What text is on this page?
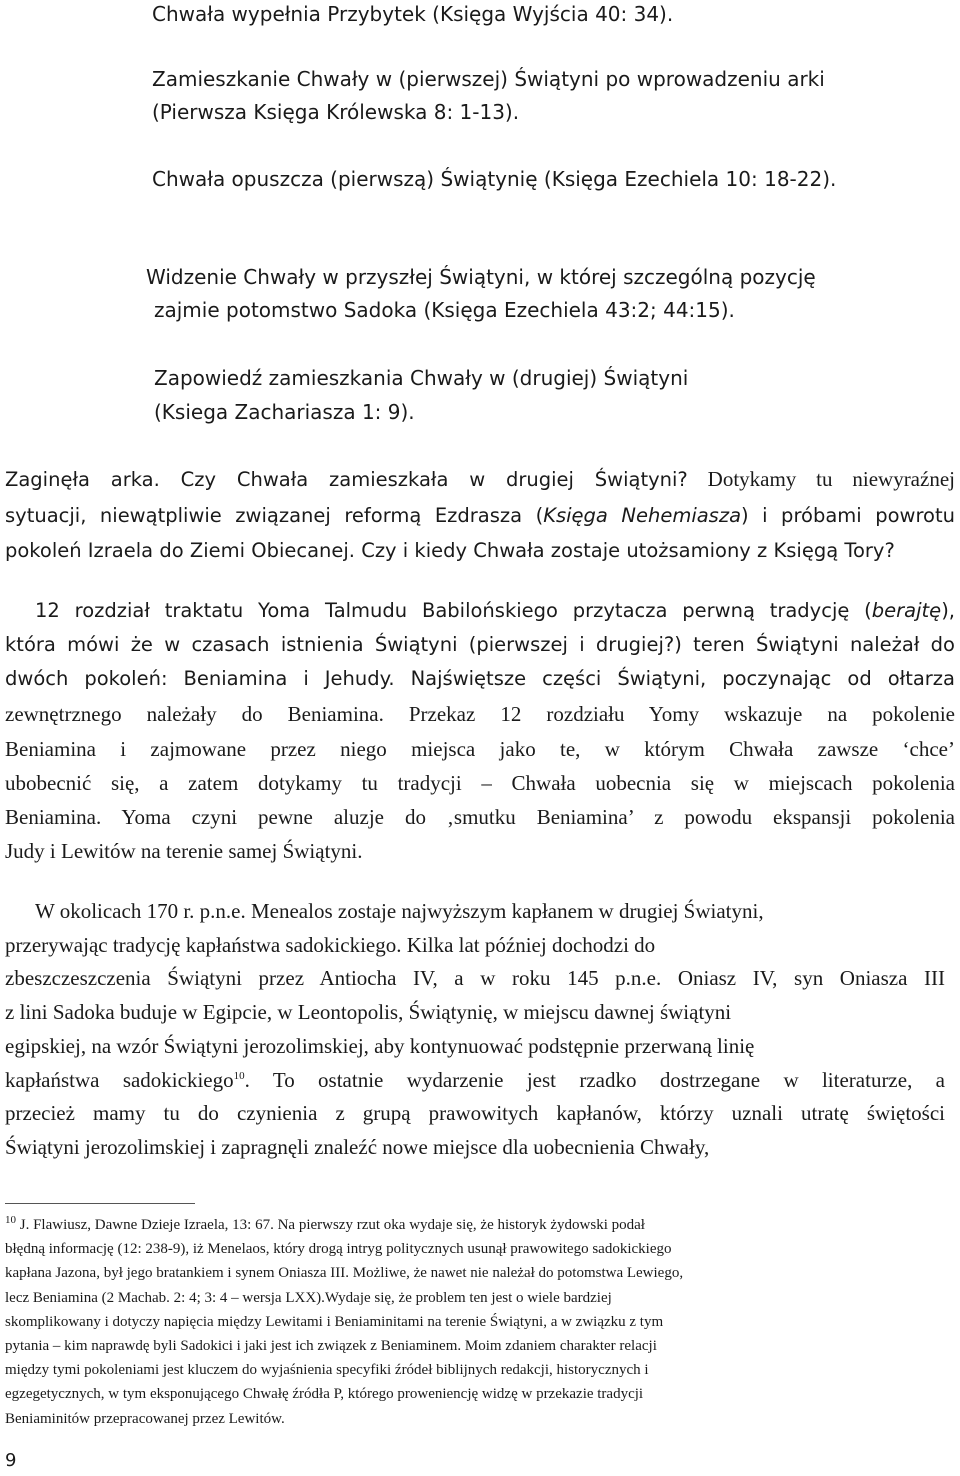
Chwała wypełnia Przybytek (Księga Wyjścia 40: 34).
Zamieszkanie Chwały w (pierwszej) Świątyni po wprowadzeniu arki
(Pierwsza Księga Królewska 8: 1-13).
Chwała opuszcza (pierwszą) Świątynię (Księga Ezechiela 10: 18-22).
Widzenie Chwały w przyszłej Świątyni, w której szczególną pozycję
zajmie potomstwo Sadoka (Księga Ezechiela 43:2; 44:15).
Zapowiedź zamieszkania Chwały w (drugiej) Świątyni
(Ksiega Zachariasza 1: 9).
Zaginęła arka. Czy Chwała zamieszkała w drugiej Świątyni? Dotykamy tu niewyraźnej
sytuacji, niewątpliwie związanej reformą Ezdrasza (Księga Nehemiasza) i próbami powrotu
pokoleń Izraela do Ziemi Obiecanej. Czy i kiedy Chwała zostaje utożsamiony z Księgą Tory?
12 rozdział traktatu Yoma Talmudu Babilońskiego przytacza perwną tradycję (berajtę),
która mówi że w czasach istnienia Świątyni (pierwszej i drugiej?) teren Świątyni należał do
dwóch pokoleń: Beniamina i Jehudy. Najświętsze części Świątyni, poczynając od ołtarza
zewnętrznego należały do Beniamina. Przekaz 12 rozdziału Yomy wskazuje na pokolenie
Beniamina i zajmowane przez niego miejsca jako te, w którym Chwała zawsze ‘chce’
ubobecnić się, a zatem dotykamy tu tradycji – Chwała uobecnia się w miejscach pokolenia
Beniamina. Yoma czyni pewne aluzje do ‚smutku Beniamina’ z powodu ekspansji pokolenia
Judy i Lewitów na terenie samej Świątyni.
W okolicach 170 r. p.n.e. Menealos zostaje najwyższym kapłanem w drugiej Światyni,
przerywając tradycję kapłaństwa sadokickiego. Kilka lat później dochodzi do
zbeszczeszczenia Świątyni przez Antiocha IV, a w roku 145 p.n.e. Oniasz IV, syn Oniasza III
z lini Sadoka buduje w Egipcie, w Leontopolis, Świątynię, w miejscu dawnej świątyni
egipskiej, na wzór Świątyni jerozolimskiej, aby kontynuować podstępnie przerwaną linię
kapłaństwa sadokickiego$^{10}$. To ostatnie wydarzenie jest rzadko dostrzegane w literaturze, a
przecież mamy tu do czynienia z grupą prawowitych kapłanów, którzy uznali utratę świętości
Świątyni jerozolimskiej i zapragnęli znaleźć nowe miejsce dla uobecnienia Chwały,
$^{10}$ J. Flawiusz, Dawne Dzieje Izraela, 13: 67. Na pierwszy rzut oka wydaje się, że historyk żydowski podał
błędną informację (12: 238-9), iż Menelaos, który drogą intryg politycznych usunął prawowitego sadokickiego
kapłana Jazona, był jego bratankiem i synem Oniasza III. Możliwe, że nawet nie należał do potomstwa Lewiego,
lecz Beniamina (2 Machab. 2: 4; 3: 4 – wersja LXX).Wydaje się, że problem ten jest o wiele bardziej
skomplikowany i dotyczy napięcia między Lewitami i Beniaminitami na terenie Świątyni, a w związku z tym
pytania – kim naprawdę byli Sadokici i jaki jest ich związek z Beniaminem. Moim zdaniem charakter relacji
między tymi pokoleniami jest kluczem do wyjaśnienia specyfiki źródeł biblijnych redakcji, historycznych i
egzegetycznych, w tym eksponującego Chwałę źródła P, którego proweniencję widzę w przekazie tradycji
Beniaminitów przepracowanej przez Lewitów.
9
